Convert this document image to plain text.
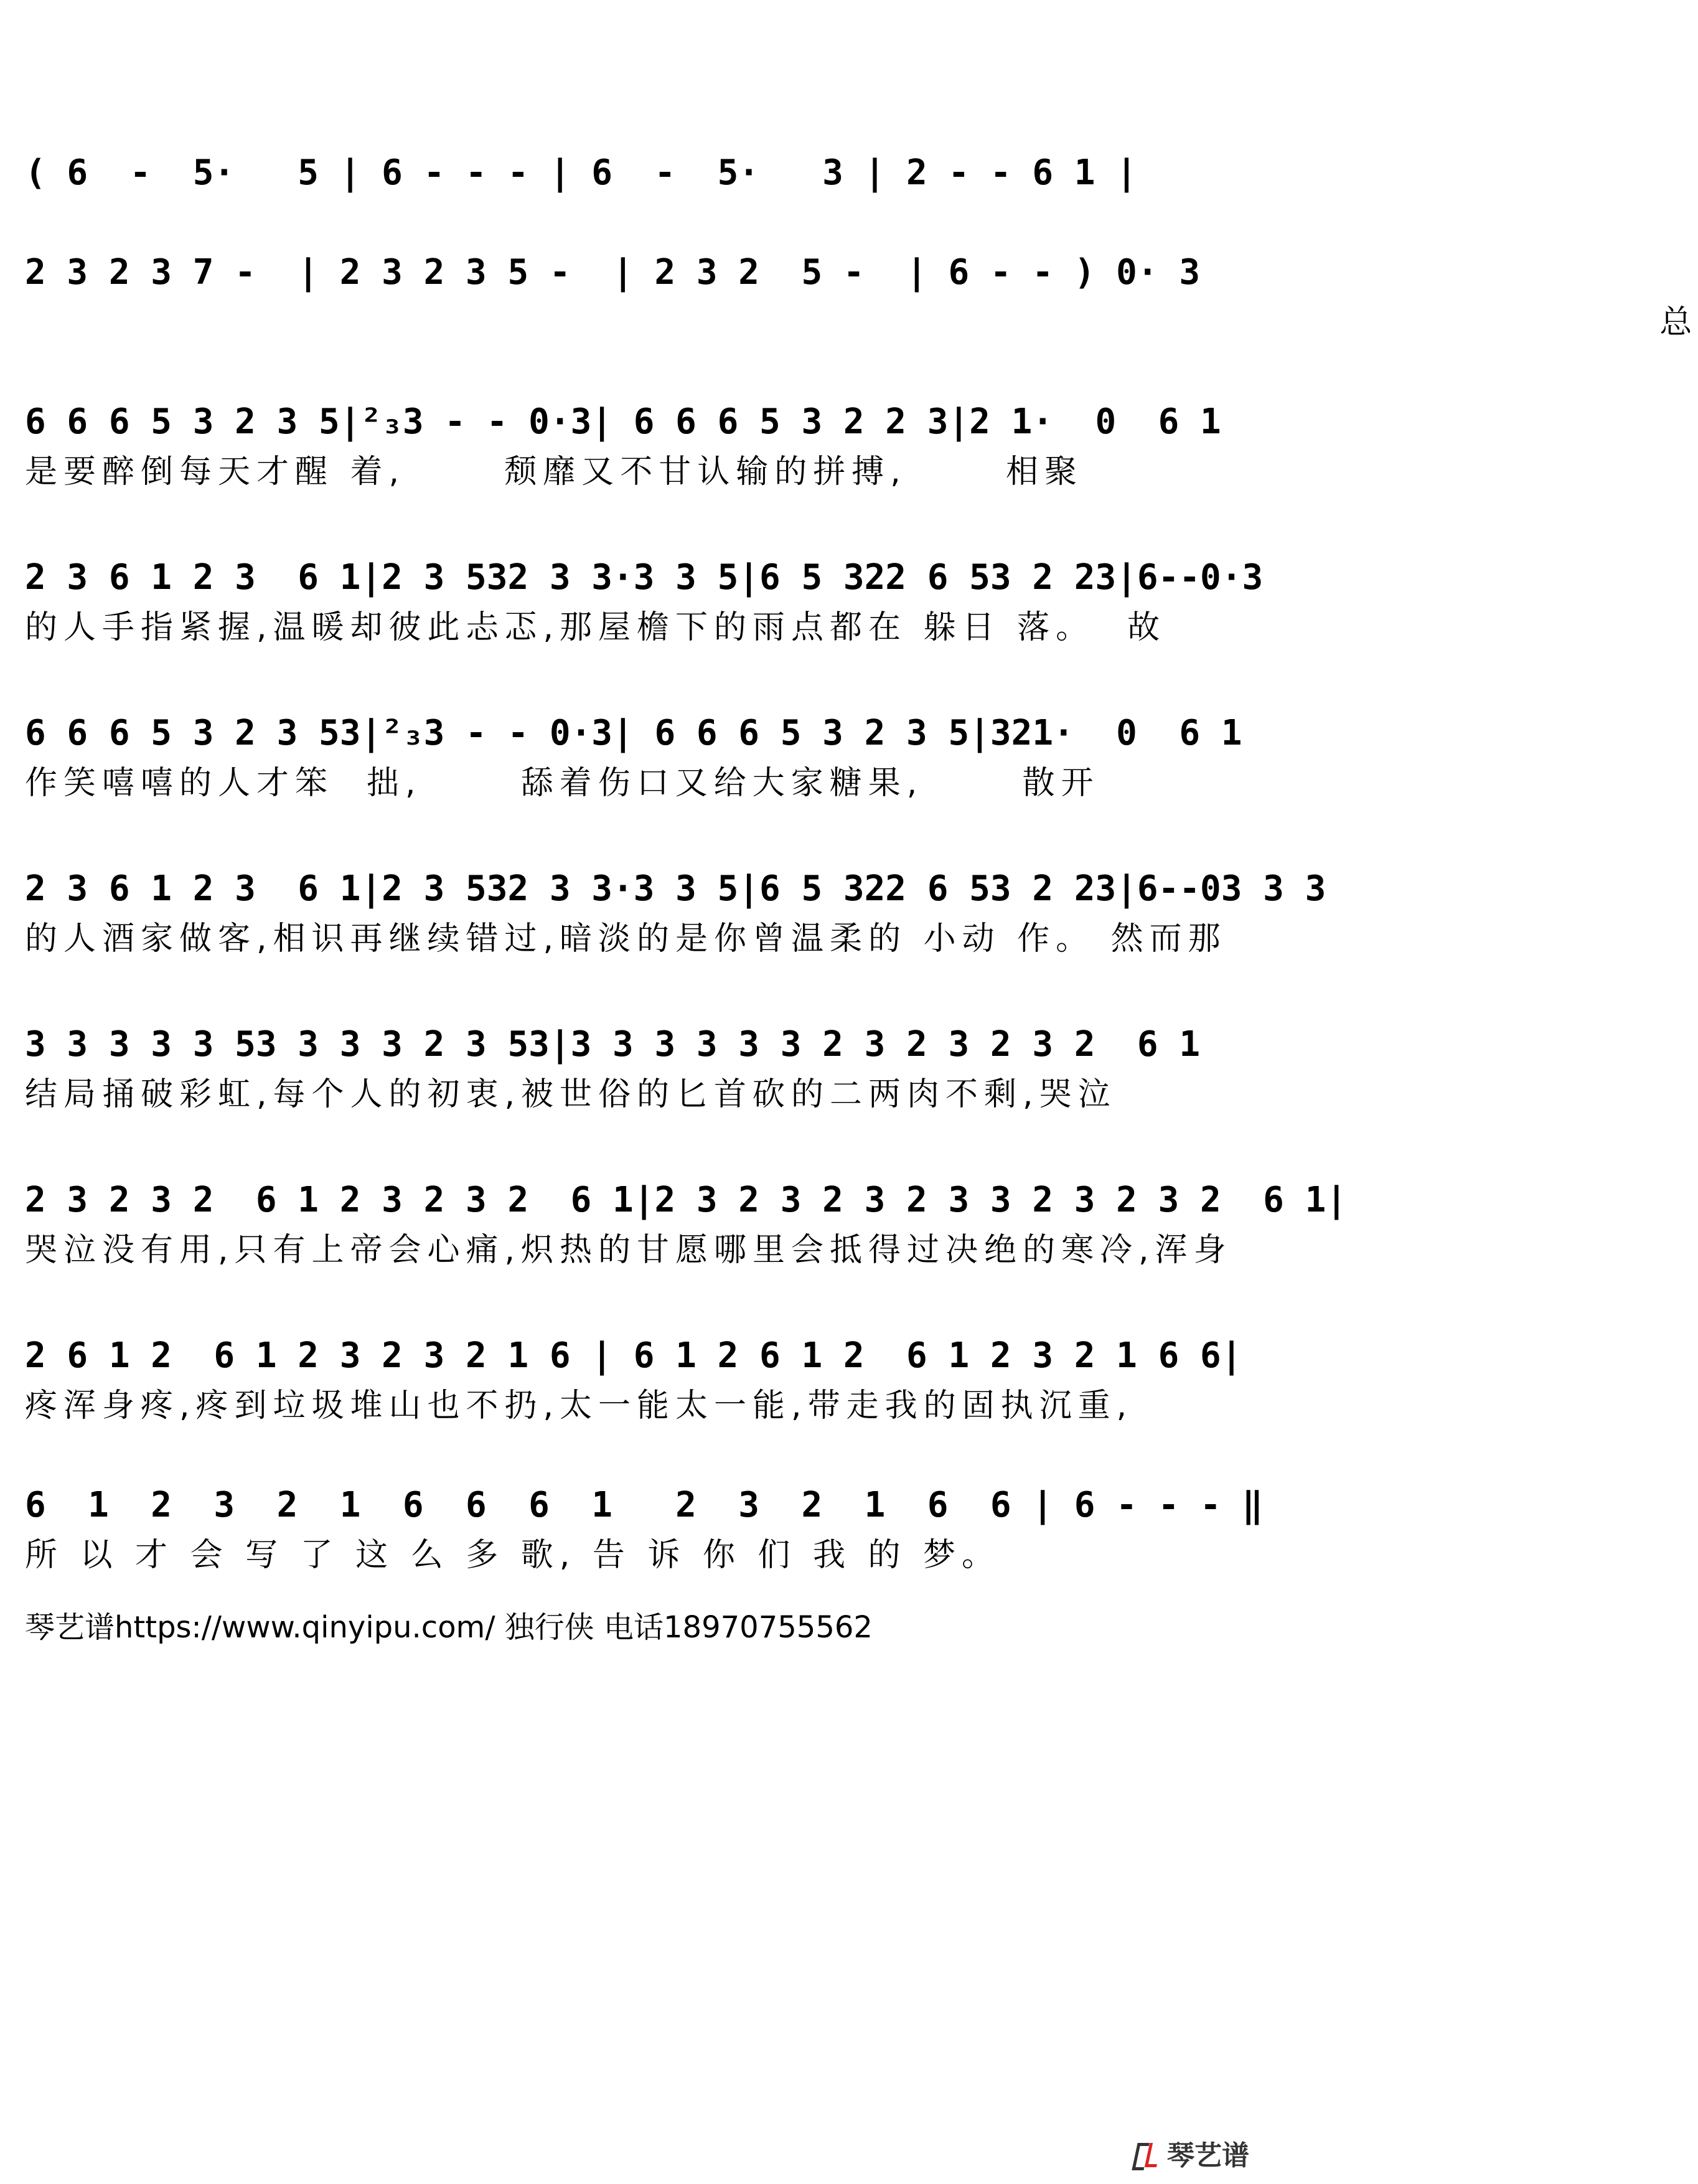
( 6  -  5·   5 | 6 - - - | 6  -  5·   3 | 2 - - 6 1 |
2 3 2 3 7 -  | 2 3 2 3 5 -  | 2 3 2  5 -  | 6 - - ) 0· 3
总
6 6 6 5 3 2 3 5|²₃3 - - 0·3| 6 6 6 5 3 2 2 3|2 1·  0  6 1
是要醉倒每天才醒 着,      颓靡又不甘认输的拼搏,      相聚
2 3 6 1 2 3  6 1|2 3 532 3 3·3 3 5|6 5 322 6 53 2 23|6--0·3
的人手指紧握,温暖却彼此忐忑,那屋檐下的雨点都在 躲日 落。  故
6 6 6 5 3 2 3 53|²₃3 - - 0·3| 6 6 6 5 3 2 3 5|321·  0  6 1
作笑嘻嘻的人才笨  拙,      舔着伤口又给大家糖果,      散开
2 3 6 1 2 3  6 1|2 3 532 3 3·3 3 5|6 5 322 6 53 2 23|6--03 3 3
的人酒家做客,相识再继续错过,暗淡的是你曾温柔的 小动 作。 然而那
3 3 3 3 3 53 3 3 3 2 3 53|3 3 3 3 3 3 2 3 2 3 2 3 2  6 1
结局捅破彩虹,每个人的初衷,被世俗的匕首砍的二两肉不剩,哭泣
2 3 2 3 2  6 1 2 3 2 3 2  6 1|2 3 2 3 2 3 2 3 3 2 3 2 3 2  6 1|
哭泣没有用,只有上帝会心痛,炽热的甘愿哪里会抵得过决绝的寒冷,浑身
2 6 1 2  6 1 2 3 2 3 2 1 6 | 6 1 2 6 1 2  6 1 2 3 2 1 6 6|
疼浑身疼,疼到垃圾堆山也不扔,太一能太一能,带走我的固执沉重,
6  1  2  3  2  1  6  6  6  1   2  3  2  1  6  6 | 6 - - - ‖
所 以 才 会 写 了 这 么 多 歌, 告 诉 你 们 我 的 梦。
琴艺谱https://www.qinyipu.com/ 独行侠 电话18970755562
琴艺谱
